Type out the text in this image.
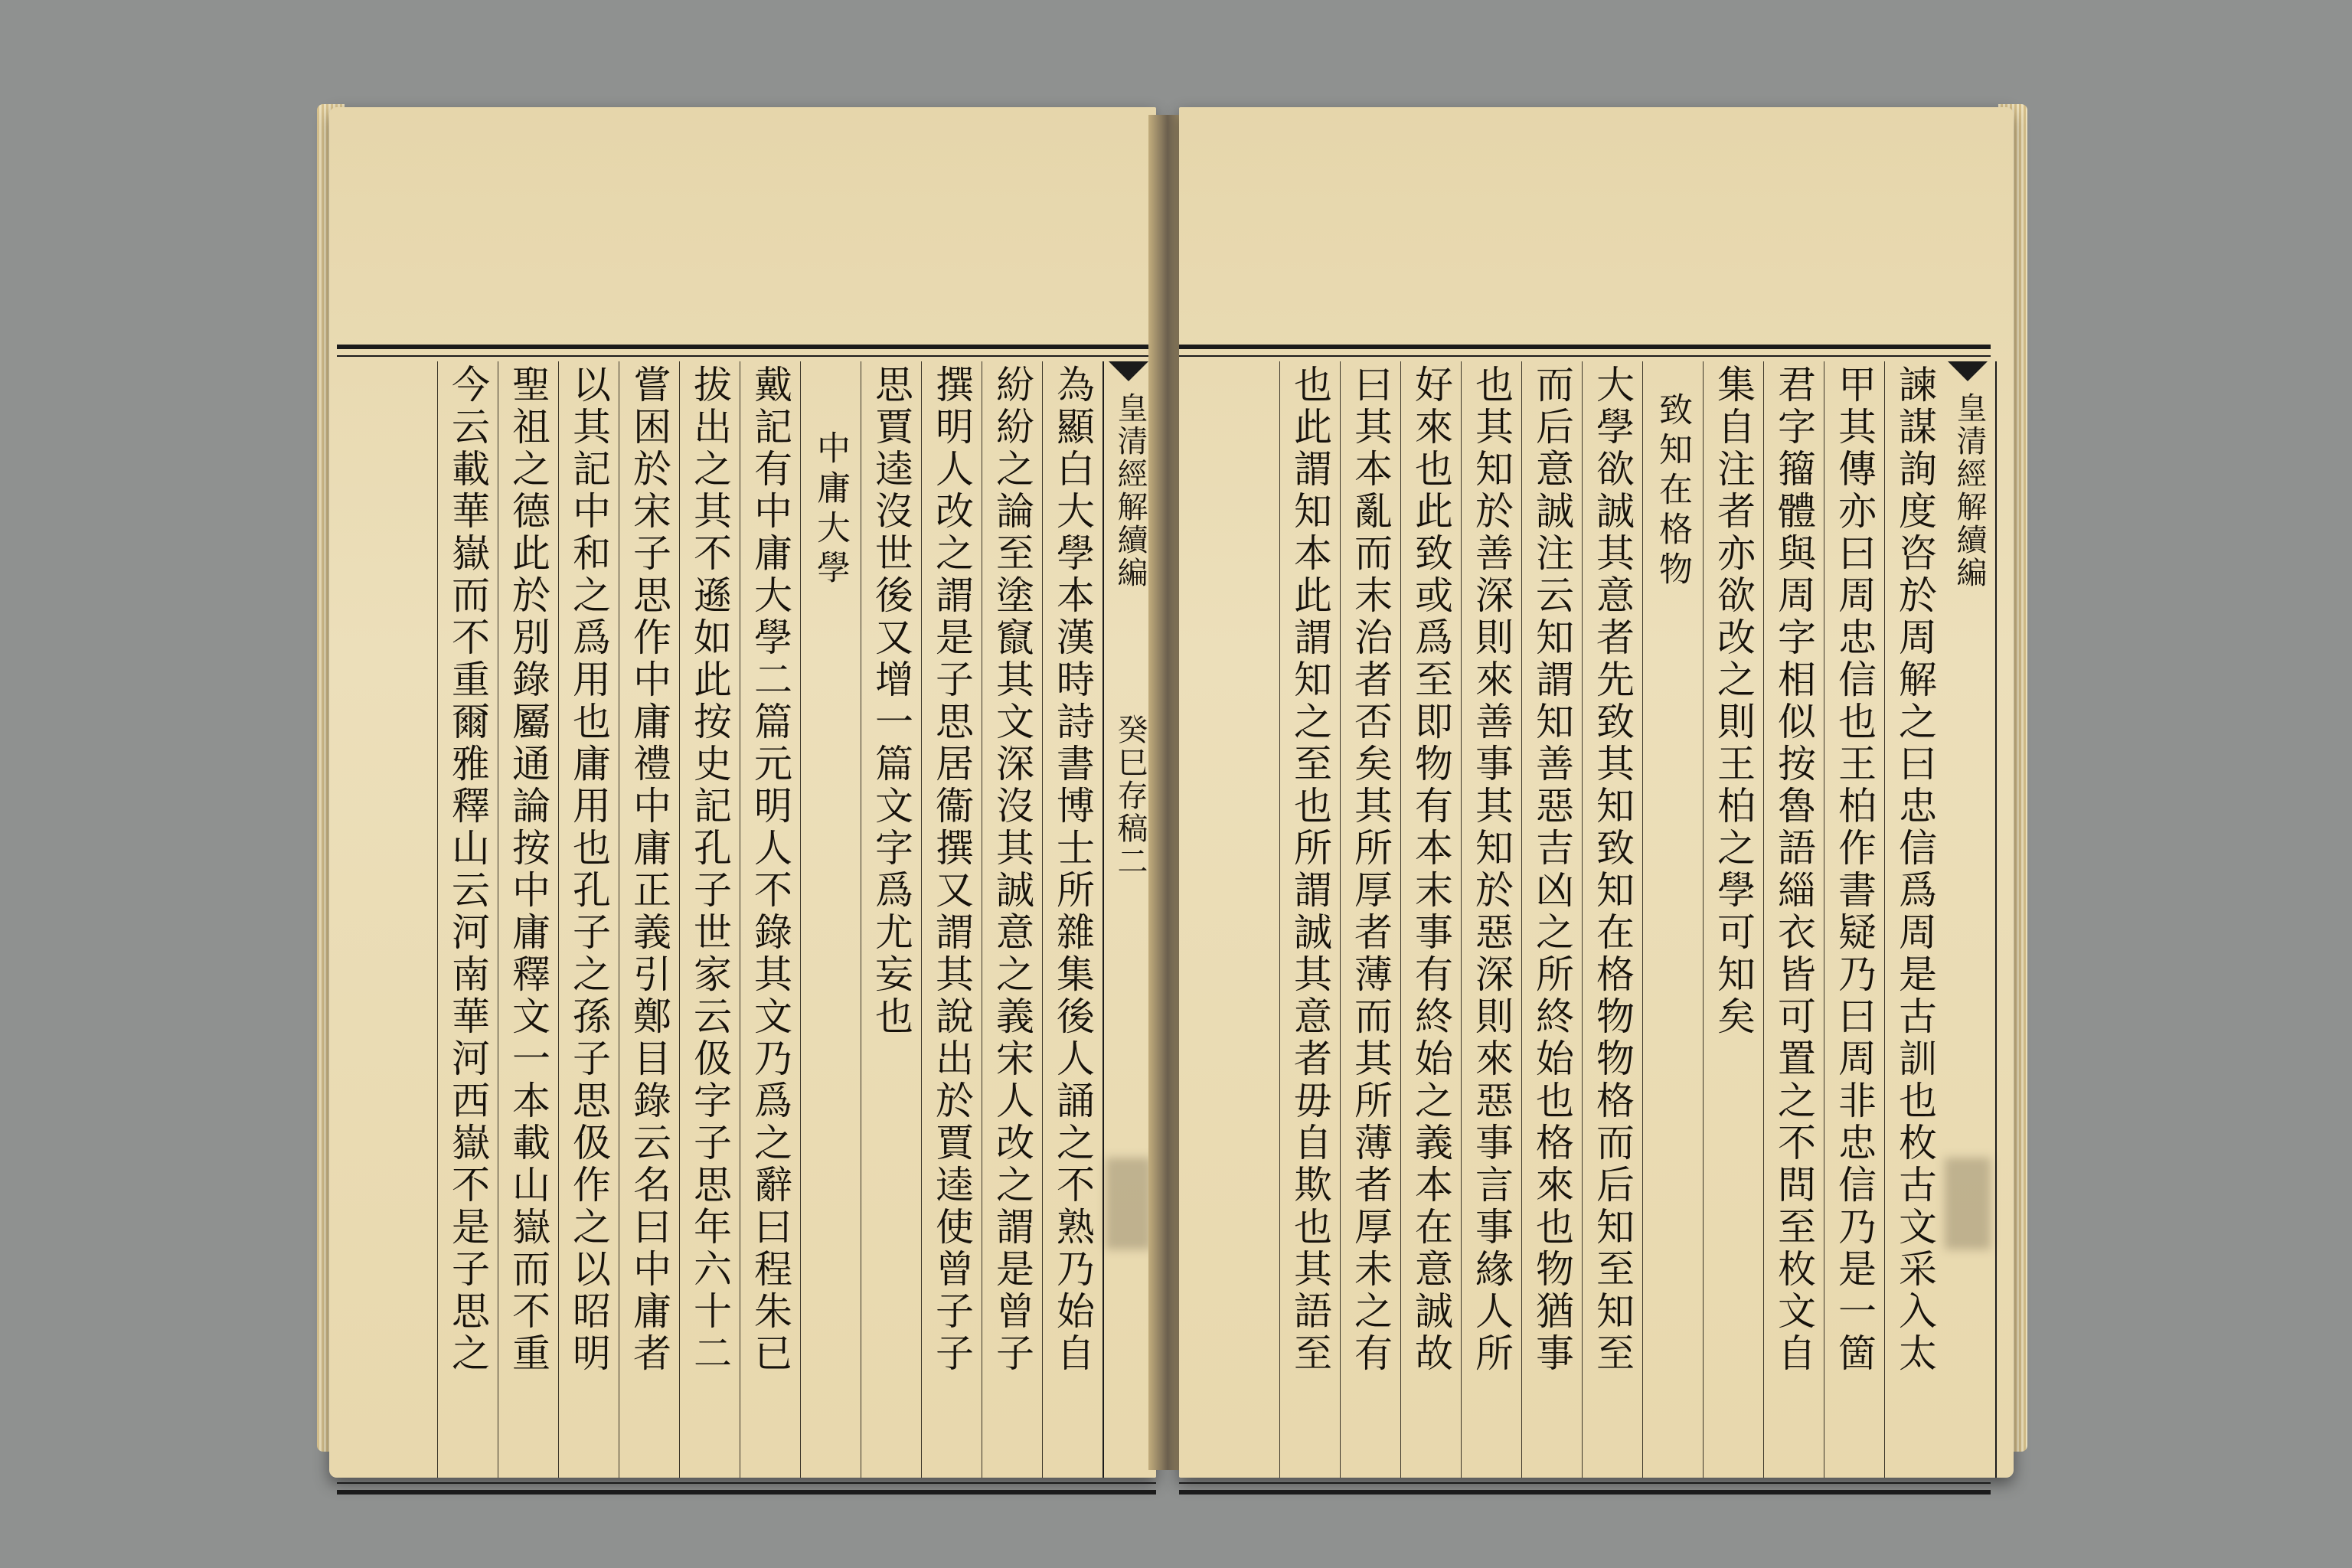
為顯白大學本漢時詩書博士所雜集後人誦之不熟乃始自
紛紛之論至塗竄其文深沒其誠意之義宋人改之謂是曾子
撰明人改之謂是子思居衞撰又謂其說出於賈逵使曾子子
思賈逵沒世後又增一篇文字爲尤妄也
中庸大學
戴記有中庸大學二篇元明人不錄其文乃爲之辭曰程朱已
拔出之其不遜如此按史記孔子世家云伋字子思年六十二
嘗困於宋子思作中庸禮中庸正義引鄭目錄云名曰中庸者
以其記中和之爲用也庸用也孔子之孫子思伋作之以昭明
聖祖之德此於別錄屬通論按中庸釋文一本載山嶽而不重
今云載華嶽而不重爾雅釋山云河南華河西嶽不是子思之	皇清經解續編
癸巳存稿二	諫謀詢度咨於周解之曰忠信爲周是古訓也枚古文采入太
甲其傳亦曰周忠信也王柏作書疑乃曰周非忠信乃是一箇
君字籀體與周字相似按魯語緇衣皆可置之不問至枚文自
集自注者亦欲改之則王柏之學可知矣
致知在格物
大學欲誠其意者先致其知致知在格物物格而后知至知至
而后意誠注云知謂知善惡吉凶之所終始也格來也物猶事
也其知於善深則來善事其知於惡深則來惡事言事緣人所
好來也此致或爲至即物有本末事有終始之義本在意誠故
曰其本亂而末治者否矣其所厚者薄而其所薄者厚未之有
也此謂知本此謂知之至也所謂誠其意者毋自欺也其語至	皇清經解續編
